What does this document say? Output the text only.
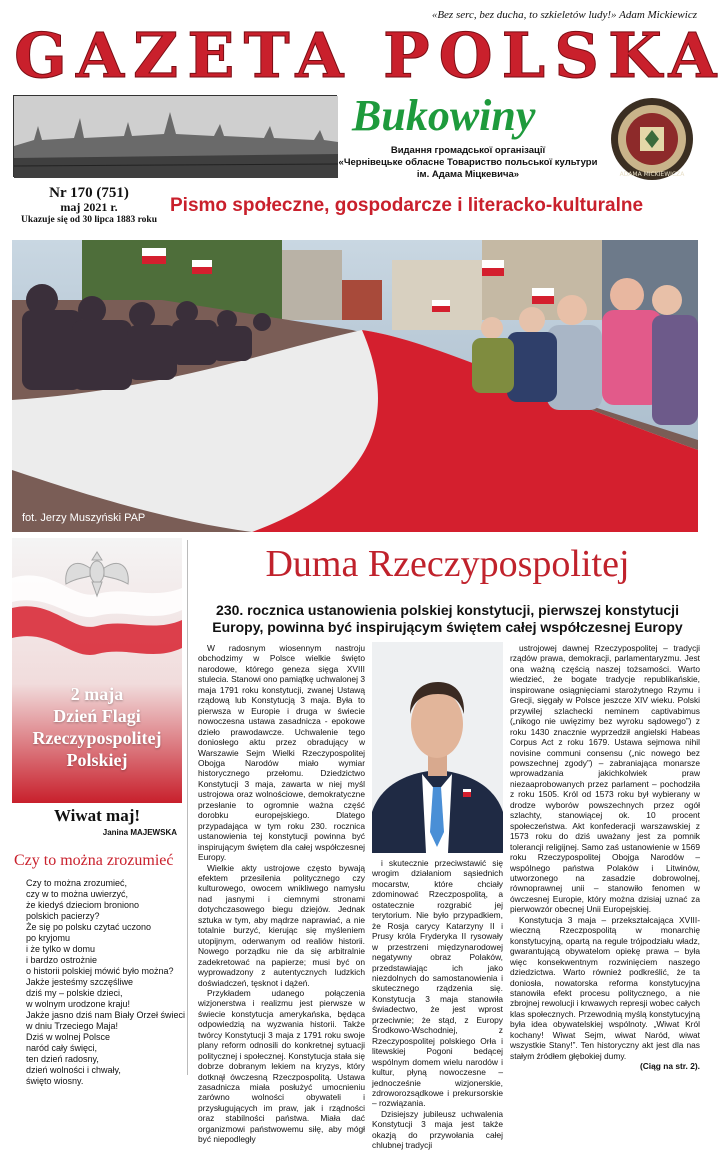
«Bez serc, bez ducha, to szkieletów ludy!» Adam Mickiewicz
GAZETA POLSKA
Bukowiny
Видання громадської організації
«Чернівецьке обласне Товариство польської культури
ім. Адама Міцкевича»	ADAMA MICKIEWICZA
Nr 170 (751)
maj 2021 r.
Ukazuje się od 30 lipca 1883 roku
Pismo społeczne, gospodarcze i literacko-kulturalne
fot. Jerzy Muszyński PAP
2 maja
Dzień Flagi
Rzeczypospolitej
Polskiej
Wiwat maj!
Janina MAJEWSKA
Czy to można zrozumieć
Czy to można zrozumieć,
czy w to można uwierzyć,
że kiedyś dzieciom broniono
polskich pacierzy?
Że się po polsku czytać uczono
po kryjomu
i że tylko w domu
i bardzo ostrożnie
o historii polskiej mówić było można?
Jakże jesteśmy szczęśliwe
dziś my – polskie dzieci,
w wolnym urodzone kraju!
Jakże jasno dziś nam Biały Orzeł świeci
w dniu Trzeciego Maja!
Dziś w wolnej Polsce
naród cały święci,
ten dzień radosny,
dzień wolności i chwały,
święto wiosny.
Duma Rzeczypospolitej
230. rocznica ustanowienia polskiej konstytucji, pierwszej konstytucji Europy, powinna być inspirującym świętem całej współczesnej Europy

W radosnym wiosennym nastroju obchodzimy w Polsce wielkie święto narodowe, którego geneza sięga XVIII stulecia. Stanowi ono pamiątkę uchwalonej 3 maja 1791 roku konstytucji, zwanej Ustawą rządową lub Konstytucją 3 maja. Była to pierwsza w Europie i druga w świecie nowoczesna ustawa zasadnicza - epokowe dzieło prawodawcze. Uchwalenie tego doniosłego aktu przez obradujący w Warszawie Sejm Wielki Rzeczypospolitej Obojga Narodów miało wymiar historycznego przełomu. Dziedzictwo Konstytucji 3 maja, zawarta w niej myśl ustrojowa oraz wolnościowe, demokratyczne przesłanie to ogromnie ważna część dorobku europejskiego. Dlatego przypadająca w tym roku 230. rocznica ustanowienia tej konstytucji powinna być inspirującym świętem dla całej współczesnej Europy.

Wielkie akty ustrojowe często bywają efektem przesilenia politycznego czy kulturowego, owocem wnikliwego namysłu nad jasnymi i ciemnymi stronami dotychczasowego biegu dziejów. Jednak sztuka w tym, aby mądrze naprawiać, a nie totalnie burzyć, kierując się myśleniem utopijnym, oderwanym od realiów historii. Nowego porządku nie da się arbitralnie zadekretować na papierze; musi być on wyprowadzony z autentycznych ludzkich doświadczeń, tęsknot i dążeń.

Przykładem udanego połączenia wizjonerstwa i realizmu jest pierwsze w świecie konstytucja amerykańska, będąca odpowiedzią na wyzwania historii. Także twórcy Konstytucji 3 maja z 1791 roku swoje plany reform odnosili do konkretnej sytuacji politycznej i społecznej. Konstytucja stała się dobrze dobranym lekiem na kryzys, który dotknął ówczesną Rzeczpospolitą. Ustawa zasadnicza miała posłużyć umocnieniu zarówno wolności obywateli i przysługujących im praw, jak i rządności oraz stabilności państwa. Miała dać organizmowi państwowemu siłę, aby mógł być niepodległy

i skutecznie przeciwstawić się wrogim działaniom sąsiednich mocarstw, które chciały zdominować Rzeczpospolitą, a ostatecznie rozgrabić jej terytorium. Nie było przypadkiem, że Rosja carycy Katarzyny II i Prusy króla Fryderyka II rysowały w przestrzeni międzynarodowej negatywny obraz Polaków, przedstawiając ich jako niezdolnych do samostanowienia i skutecznego rządzenia się. Konstytucja 3 maja stanowiła świadectwo, że jest wprost przeciwnie; że stąd, z Europy Środkowo-Wschodniej, z Rzeczypospolitej polskiego Orła i litewskiej Pogoni bedącej wspólnym domem wielu narodów i kultur, płyną nowoczesne – jednocześnie wizjonerskie, zdroworozsądkowe i prekursorskie – rozwiązania.

Dzisiejszy jubileusz uchwalenia Konstytucji 3 maja jest także okazją do przywołania całej chlubnej tradycji

ustrojowej dawnej Rzeczypospolitej – tradycji rządów prawa, demokracji, parlamentaryzmu. Jest ona ważną częścią naszej tożsamości. Warto wiedzieć, że bogate tradycje republikańskie, inspirowane osiągnięciami starożytnego Rzymu i Grecji, sięgały w Polsce jeszcze XIV wieku. Polski przywilej szlachecki neminem captivabimus („nikogo nie uwięzimy bez wyroku sądowego”) z roku 1430 znacznie wyprzedził angielski Habeas Corpus Act z roku 1679. Ustawa sejmowa nihil novisine communi consensu („nic nowego bez powszechnej zgody”) – zabraniająca monarsze wprowadzania jakichkolwiek praw niezaaprobowanych przez parlament – pochodziła z roku 1505. Król od 1573 roku był wybierany w drodze wyborów powszechnych przez ogół szlachty, stanowiącej ok. 10 procent społeczeństwa. Akt konfederacji warszawskiej z 1573 roku do dziś uważany jest za pomnik tolerancji religijnej. Samo zaś ustanowienie w 1569 roku Rzeczypospolitej Obojga Narodów – wspólnego państwa Polaków i Litwinów, utworzonego na zasadzie dobrowolnej, równoprawnej unii – stanowiło fenomen w ówczesnej Europie, który można dzisiaj uznać za pierwowzór obecnej Unii Europejskiej.

Konstytucja 3 maja – przekształcająca XVIII-wieczną Rzeczpospolitą w monarchię konstytucyjną, opartą na regule trójpodziału władz, gwarantującą obywatelom opiekę prawa – była więc konsekwentnym rozwinięciem naszego dziedzictwa. Warto również podkreślić, że ta doniosła, nowatorska reforma konstytucyjna stanowiła efekt procesu politycznego, a nie zbrojnej rewolucji i krwawych represji wobec całych klas społecznych. Przewodnią myślą konstytucyjną była idea obywatelskiej wspólnoty. „Wiwat Król kochany! Wiwat Sejm, wiwat Naród, wiwat wszystkie Stany!”. Ten historyczny akt jest dla nas stałym źródłem głębokiej dumy.

(Ciąg na str. 2).
